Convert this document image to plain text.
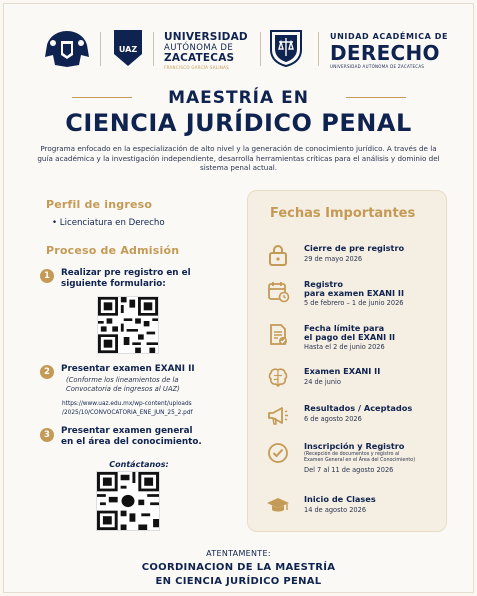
UAZ
UNIVERSIDAD
AUTÓNOMA DE
ZACATECAS
FRANCISCO GARCÍA SALINAS
UNIDAD ACADÉMICA DE
DERECHO
UNIVERSIDAD AUTÓNOMA DE ZACATECAS
MAESTRÍA EN
CIENCIA JURÍDICO PENAL
Programa enfocado en la especialización de alto nivel y la generación de conocimiento jurídico. A través de la guía académica y la investigación independiente, desarrolla herramientas críticas para el análisis y dominio del sistema penal actual.
Perfil de ingreso
• Licenciatura en Derecho
Proceso de Admisión
1	Realizar pre registro en el
siguiente formulario:
2	Presentar examen EXANI II
(Conforme los lineamientos de la
Convocatoria de ingresos al UAZ)
https://www.uaz.edu.mx/wp-content/uploads
/2025/10/CONVOCATORIA_ENE_JUN_25_2.pdf
3	Presentar examen general
en el área del conocimiento.
Contáctanos:
Fechas Importantes
Cierre de pre registro
29 de mayo 2026
Registro
para examen EXANI II
5 de febrero – 1 de junio 2026
Fecha límite para
el pago del EXANI II
Hasta el 2 de junio 2026
Examen EXANI II
24 de junio
Resultados / Aceptados
6 de agosto 2026
Inscripción y Registro
(Recepción de documentos y registro al
Examen General en el Área del Conocimiento)
Del 7 al 11 de agosto 2026
Inicio de Clases
14 de agosto 2026
ATENTAMENTE:
COORDINACION DE LA MAESTRÍA
EN CIENCIA JURÍDICO PENAL
